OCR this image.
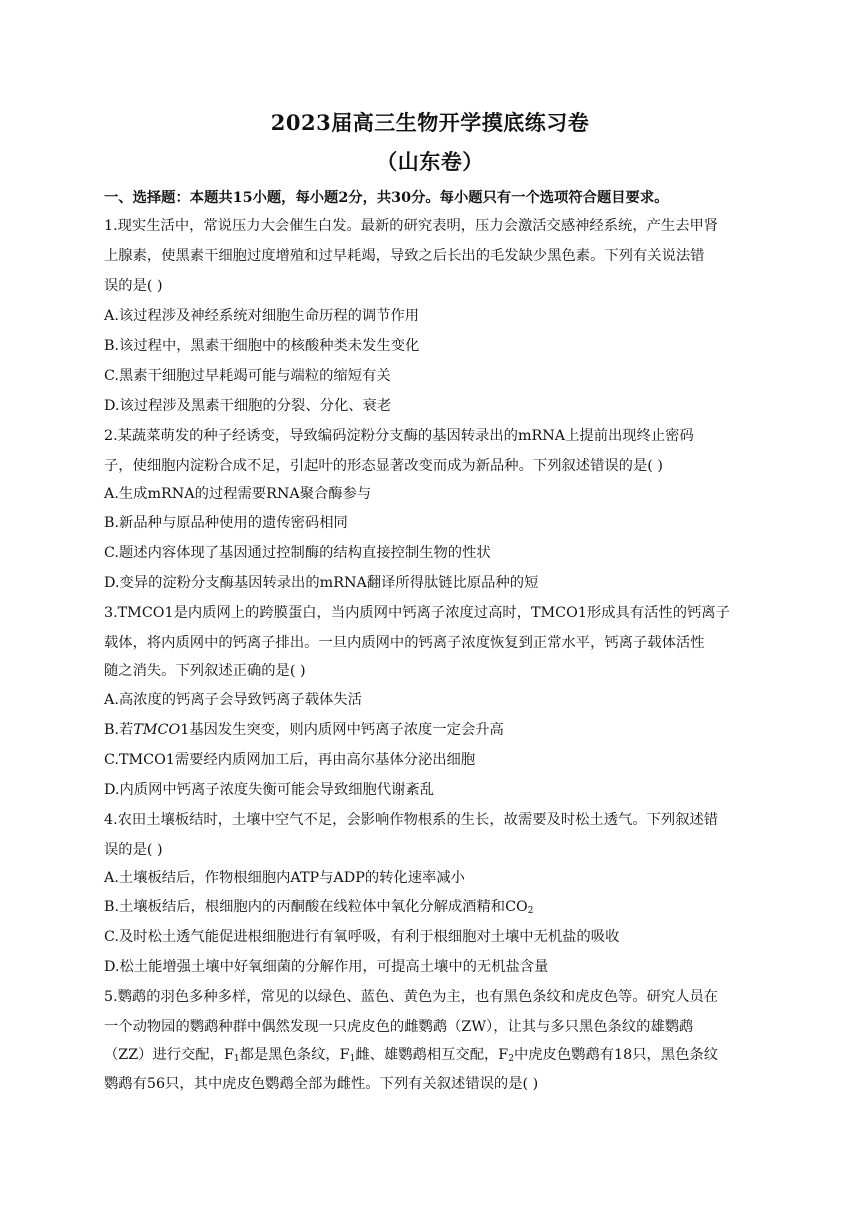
2023届高三生物开学摸底练习卷
（山东卷）
一、选择题：本题共15小题，每小题2分，共30分。每小题只有一个选项符合题目要求。
1.现实生活中，常说压力大会催生白发。最新的研究表明，压力会激活交感神经系统，产生去甲肾
上腺素，使黑素干细胞过度增殖和过早耗竭，导致之后长出的毛发缺少黑色素。下列有关说法错
误的是( )
A.该过程涉及神经系统对细胞生命历程的调节作用
B.该过程中，黑素干细胞中的核酸种类未发生变化
C.黑素干细胞过早耗竭可能与端粒的缩短有关
D.该过程涉及黑素干细胞的分裂、分化、衰老
2.某蔬菜萌发的种子经诱变，导致编码淀粉分支酶的基因转录出的mRNA上提前出现终止密码
子，使细胞内淀粉合成不足，引起叶的形态显著改变而成为新品种。下列叙述错误的是( )
A.生成mRNA的过程需要RNA聚合酶参与
B.新品种与原品种使用的遗传密码相同
C.题述内容体现了基因通过控制酶的结构直接控制生物的性状
D.变异的淀粉分支酶基因转录出的mRNA翻译所得肽链比原品种的短
3.TMCO1是内质网上的跨膜蛋白，当内质网中钙离子浓度过高时，TMCO1形成具有活性的钙离子
载体，将内质网中的钙离子排出。一旦内质网中的钙离子浓度恢复到正常水平，钙离子载体活性
随之消失。下列叙述正确的是( )
A.高浓度的钙离子会导致钙离子载体失活
B.若TMCO1基因发生突变，则内质网中钙离子浓度一定会升高
C.TMCO1需要经内质网加工后，再由高尔基体分泌出细胞
D.内质网中钙离子浓度失衡可能会导致细胞代谢紊乱
4.农田土壤板结时，土壤中空气不足，会影响作物根系的生长，故需要及时松土透气。下列叙述错
误的是( )
A.土壤板结后，作物根细胞内ATP与ADP的转化速率减小
B.土壤板结后，根细胞内的丙酮酸在线粒体中氧化分解成酒精和$CO_2$
C.及时松土透气能促进根细胞进行有氧呼吸，有利于根细胞对土壤中无机盐的吸收
D.松土能增强土壤中好氧细菌的分解作用，可提高土壤中的无机盐含量
5.鹦鹉的羽色多种多样，常见的以绿色、蓝色、黄色为主，也有黑色条纹和虎皮色等。研究人员在
一个动物园的鹦鹉种群中偶然发现一只虎皮色的雌鹦鹉（ZW），让其与多只黑色条纹的雄鹦鹉
（ZZ）进行交配，$F_1$都是黑色条纹，$F_1$雌、雄鹦鹉相互交配，$F_2$中虎皮色鹦鹉有18只，黑色条纹
鹦鹉有56只，其中虎皮色鹦鹉全部为雌性。下列有关叙述错误的是( )
